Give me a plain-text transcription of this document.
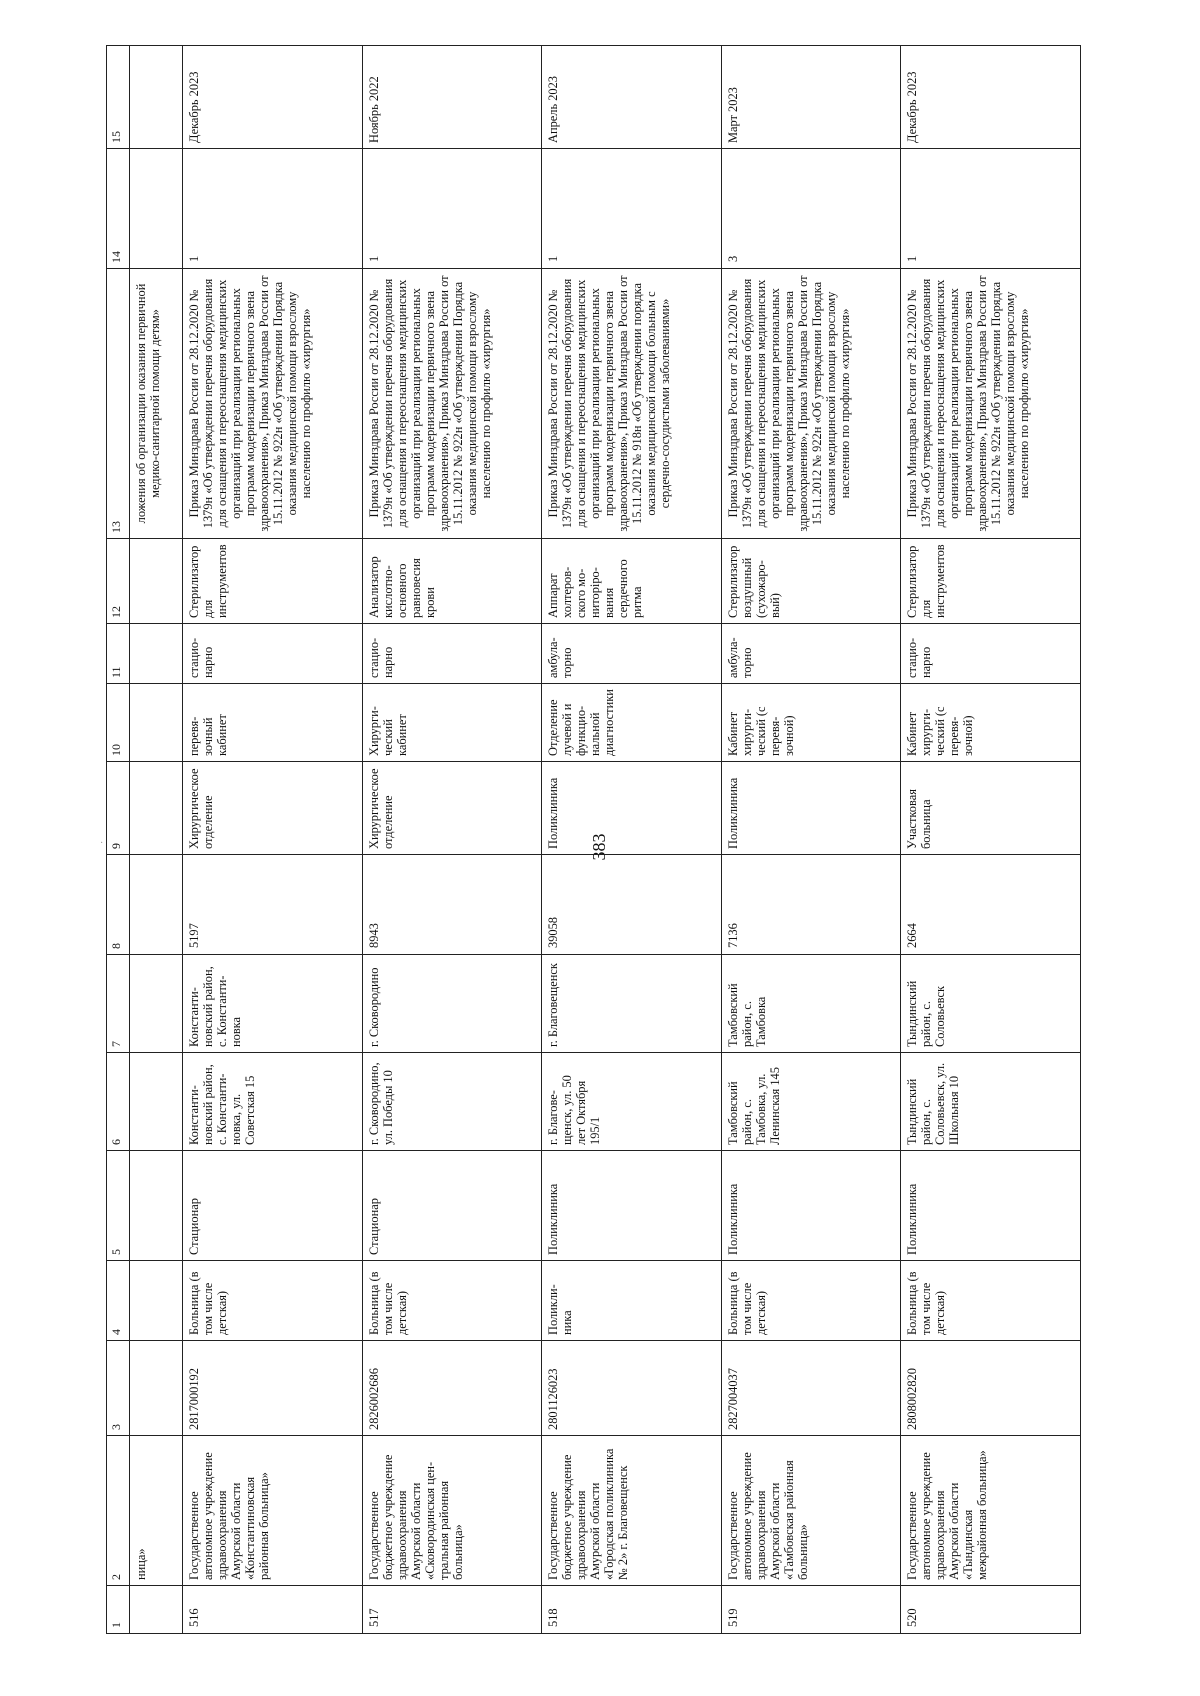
383
·
1	2	3	4	5	6	7	8	9	10	11	12	13	14	15
	ница»											ложения об организации оказания первичной медико-санитарной помощи детям»		
516	Государственное автономное учреждение здравоохранения Амурской области «Константиновская районная больница»	2817000192	Больница (в том числе детская)	Стационар	Константиновский район, с. Константиновка, ул. Советская 15	Константиновский район, с. Константиновка	5197	Хирургическое отделение	перевязочный кабинет	стационарно	Стерилизатор для инструментов	Приказ Минздрава России от 28.12.2020 № 1379н «Об утверждении перечня оборудования для оснащения и переоснащения медицинских организаций при реализации региональных программ модернизации первичного звена здравоохранения», Приказ Минздрава России от 15.11.2012 № 922н «Об утверждении Порядка оказания медицинской помощи взрослому населению по профилю «хирургия»	1	Декабрь 2023
517	Государственное бюджетное учреждение здравоохранения Амурской области «Сковородинская центральная районная больница»	2826002686	Больница (в том числе детская)	Стационар	г. Сковородино, ул. Победы 10	г. Сковородино	8943	Хирургическое отделение	Хирургический кабинет	стационарно	Анализатор кислотно-основного равновесия крови	Приказ Минздрава России от 28.12.2020 № 1379н «Об утверждении перечня оборудования для оснащения и переоснащения медицинских организаций при реализации региональных программ модернизации первичного звена здравоохранения», Приказ Минздрава России от 15.11.2012 № 922н «Об утверждении Порядка оказания медицинской помощи взрослому населению по профилю «хирургия»	1	Ноябрь 2022
518	Государственное бюджетное учреждение здравоохранения Амурской области «Городская поликлиника № 2» г. Благовещенск	2801126023	Поликлиника	Поликлиника	г. Благовещенск, ул. 50 лет Октября 195/1	г. Благовещенск	39058	Поликлиника	Отделение лучевой и функциональной диагностики	амбулаторно	Аппарат холтеровского мониторiрования сердечного ритма	Приказ Минздрава России от 28.12.2020 № 1379н «Об утверждении перечня оборудования для оснащения и переоснащения медицинских организаций при реализации региональных программ модернизации первичного звена здравоохранения», Приказ Минздрава России от 15.11.2012 № 918н «Об утверждении порядка оказания медицинской помощи больным с сердечно-сосудистыми заболеваниями»	1	Апрель 2023
519	Государственное автономное учреждение здравоохранения Амурской области «Тамбовская районная больница»	2827004037	Больница (в том числе детская)	Поликлиника	Тамбовский район, с. Тамбовка, ул. Ленинская 145	Тамбовский район, с. Тамбовка	7136	Поликлиника	Кабинет хирургический (с перевязочной)	амбулаторно	Стерилизатор воздушный (сухожаровый)	Приказ Минздрава России от 28.12.2020 № 1379н «Об утверждении перечня оборудования для оснащения и переоснащения медицинских организаций при реализации региональных программ модернизации первичного звена здравоохранения», Приказ Минздрава России от 15.11.2012 № 922н «Об утверждении Порядка оказания медицинской помощи взрослому населению по профилю «хирургия»	3	Март 2023
520	Государственное автономное учреждение здравоохранения Амурской области «Тындинская межрайонная больница»	2808002820	Больница (в том числе детская)	Поликлиника	Тындинский район, с. Соловьевск, ул. Школьная 10	Тындинский район, с. Соловьевск	2664	Участковая больница	Кабинет хирургический (с перевязочной)	стационарно	Стерилизатор для инструментов	Приказ Минздрава России от 28.12.2020 № 1379н «Об утверждении перечня оборудования для оснащения и переоснащения медицинских организаций при реализации региональных программ модернизации первичного звена здравоохранения», Приказ Минздрава России от 15.11.2012 № 922н «Об утверждении Порядка оказания медицинской помощи взрослому населению по профилю «хирургия»	1	Декабрь 2023
